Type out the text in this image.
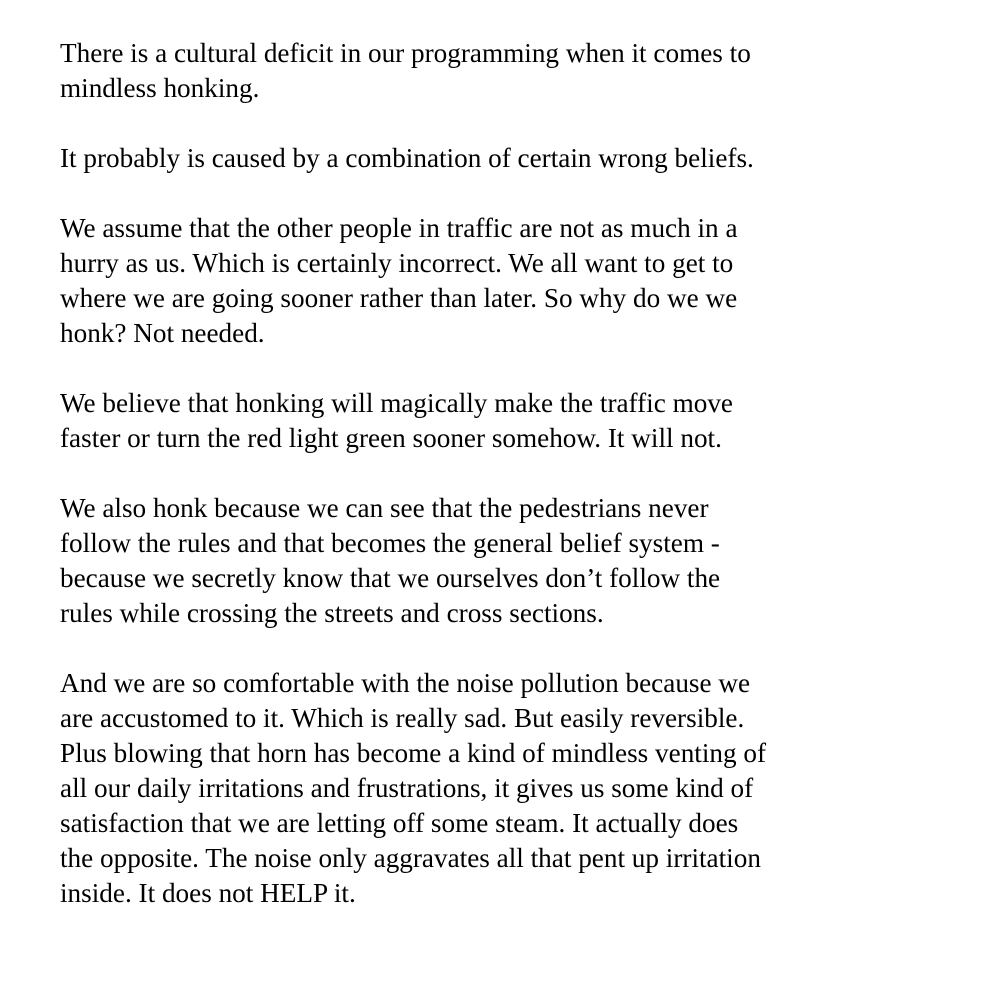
There is a cultural deficit in our programming when it comes to
mindless honking.

It probably is caused by a combination of certain wrong beliefs.

We assume that the other people in traffic are not as much in a
hurry as us. Which is certainly incorrect. We all want to get to
where we are going sooner rather than later. So why do we we
honk? Not needed.

We believe that honking will magically make the traffic move
faster or turn the red light green sooner somehow. It will not.

We also honk because we can see that the pedestrians never
follow the rules and that becomes the general belief system -
because we secretly know that we ourselves don’t follow the
rules while crossing the streets and cross sections.

And we are so comfortable with the noise pollution because we
are accustomed to it. Which is really sad. But easily reversible.
Plus blowing that horn has become a kind of mindless venting of
all our daily irritations and frustrations, it gives us some kind of
satisfaction that we are letting off some steam. It actually does
the opposite. The noise only aggravates all that pent up irritation
inside. It does not HELP it.
